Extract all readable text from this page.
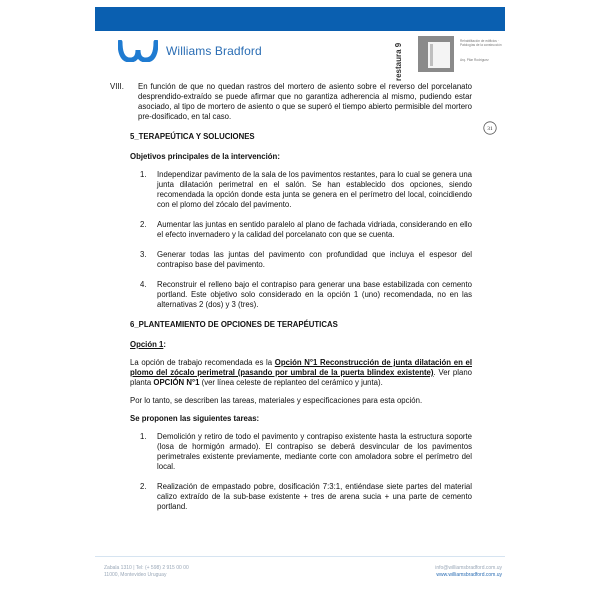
Williams Bradford	restaura 9
Rehabilitación de edificios · Patologías de la construcción
Arq. Pilar Rodríguez
31
VIII.	En función de que no quedan rastros del mortero de asiento sobre el reverso del porcelanato desprendido-extraído se puede afirmar que no garantiza adherencia al mismo, pudiendo estar asociado, al tipo de mortero de asiento o que se superó el tiempo abierto permisible del mortero pre-dosificado, en tal caso.

5_TERAPEÚTICA Y SOLUCIONES

Objetivos principales de la intervención:

1.	Independizar pavimento de la sala de los pavimentos restantes, para lo cual se genera una junta dilatación perimetral en el salón. Se han establecido dos opciones, siendo recomendada la opción donde esta junta se genera en el perímetro del local, coincidiendo con el plomo del zócalo del pavimento.
2.	Aumentar las juntas en sentido paralelo al plano de fachada vidriada, considerando en ello el efecto invernadero y la calidad del porcelanato con que se cuenta.
3.	Generar todas las juntas del pavimento con profundidad que incluya el espesor del contrapiso base del pavimento.
4.	Reconstruir el relleno bajo el contrapiso para generar una base estabilizada con cemento portland. Este objetivo solo considerado en la opción 1 (uno) recomendada, no en las alternativas 2 (dos) y 3 (tres).

6_PLANTEAMIENTO DE OPCIONES DE TERAPÉUTICAS

Opción 1:

La opción de trabajo recomendada es la Opción N°1 Reconstrucción de junta dilatación en el plomo del zócalo perimetral (pasando por umbral de la puerta blindex existente). Ver plano planta OPCIÓN N°1 (ver línea celeste de replanteo del cerámico y junta).

Por lo tanto, se describen las tareas, materiales y especificaciones para esta opción.

Se proponen las siguientes tareas:

1.	Demolición y retiro de todo el pavimento y contrapiso existente hasta la estructura soporte (losa de hormigón armado). El contrapiso se deberá desvincular de los pavimentos perimetrales existente previamente, mediante corte con amoladora sobre el perímetro del local.
2.	Realización de empastado pobre, dosificación 7:3:1, entiéndase siete partes del material calizo extraído de la sub-base existente + tres de arena sucia + una parte de cemento portland.
Zabala 1310 | Tel: (+ 598) 2 915 00 00
11000, Montevideo Uruguay
info@williamsbradford.com.uy
www.williamsbradford.com.uy
